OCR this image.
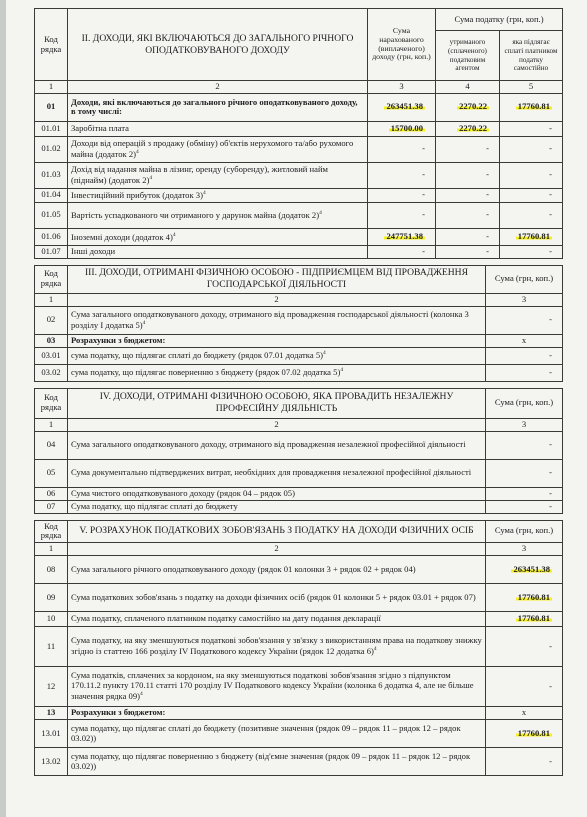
Код рядка	II. ДОХОДИ, ЯКІ ВКЛЮЧАЮТЬСЯ ДО ЗАГАЛЬНОГО РІЧНОГО ОПОДАТКОВУВАНОГО ДОХОДУ	Сума нарахованого (виплаченого) доходу (грн, коп.)	Сума податку (грн, коп.)	
			утриманого (сплаченого) податковим агентом	яка підлягає сплаті платником податку самостійно
1	2	3	4	5
01	Доходи, які включаються до загального річного оподатковуваного доходу, в тому числі:	263451.38	2270.22	17760.81
01.01	Заробітна плата	15700.00	2270.22	-
01.02	Доходи від операцій з продажу (обміну) об'єктів нерухомого та/або рухомого майна (додаток 2)$^4$	-	-	-
01.03	Дохід від надання майна в лізинг, оренду (суборенду), житловий найм (піднайм) (додаток 2)$^4$	-	-	-
01.04	Інвестиційний прибуток (додаток 3)$^4$	-	-	-
01.05	Вартість успадкованого чи отриманого у дарунок майна (додаток 2)$^4$	-	-	-
01.06	Іноземні доходи (додаток 4)$^4$	247751.38	-	17760.81
01.07	Інші доходи	-	-	-
Код рядка	III. ДОХОДИ, ОТРИМАНІ ФІЗИЧНОЮ ОСОБОЮ - ПІДПРИЄМЦЕМ ВІД ПРОВАДЖЕННЯ ГОСПОДАРСЬКОЇ ДІЯЛЬНОСТІ	Сума (грн, коп.)
1	2	3
02	Сума загального оподатковуваного доходу, отриманого від провадження господарської діяльності (колонка 3 розділу I додатка 5)$^4$	-
03	Розрахунки з бюджетом:	x
03.01	сума податку, що підлягає сплаті до бюджету (рядок 07.01 додатка 5)$^4$	-
03.02	сума податку, що підлягає поверненню з бюджету (рядок 07.02 додатка 5)$^4$	-
Код рядка	IV. ДОХОДИ, ОТРИМАНІ ФІЗИЧНОЮ ОСОБОЮ, ЯКА ПРОВАДИТЬ НЕЗАЛЕЖНУ ПРОФЕСІЙНУ ДІЯЛЬНІСТЬ	Сума (грн, коп.)
1	2	3
04	Сума загального оподатковуваного доходу, отриманого від провадження незалежної професійної діяльності	-
05	Сума документально підтверджених витрат, необхідних для провадження незалежної професійної діяльності	-
06	Сума чистого оподатковуваного доходу (рядок 04 – рядок 05)	-
07	Сума податку, що підлягає сплаті до бюджету	-
Код рядка	V. РОЗРАХУНОК ПОДАТКОВИХ ЗОБОВ'ЯЗАНЬ З ПОДАТКУ НА ДОХОДИ ФІЗИЧНИХ ОСІБ	Сума (грн, коп.)
1	2	3
08	Сума загального річного оподатковуваного доходу (рядок 01 колонки 3 + рядок 02 + рядок 04)	263451.38
09	Сума податкових зобов'язань з податку на доходи фізичних осіб (рядок 01 колонки 5 + рядок 03.01 + рядок 07)	17760.81
10	Сума податку, сплаченого платником податку самостійно на дату подання декларації	17760.81
11	Сума податку, на яку зменшуються податкові зобов'язання у зв'язку з використанням права на податкову знижку згідно із статтею 166 розділу IV Податкового кодексу України (рядок 12 додатка 6)$^4$	-
12	Сума податків, сплачених за кордоном, на яку зменшуються податкові зобов'язання згідно з підпунктом 170.11.2 пункту 170.11 статті 170 розділу IV Податкового кодексу України (колонка 6 додатка 4, але не більше значення рядка 09)$^4$	-
13	Розрахунки з бюджетом:	x
13.01	сума податку, що підлягає сплаті до бюджету (позитивне значення (рядок 09 – рядок 11 – рядок 12 – рядок 03.02))	17760.81
13.02	сума податку, що підлягає поверненню з бюджету (від'ємне значення (рядок 09 – рядок 11 – рядок 12 – рядок 03.02))	-
